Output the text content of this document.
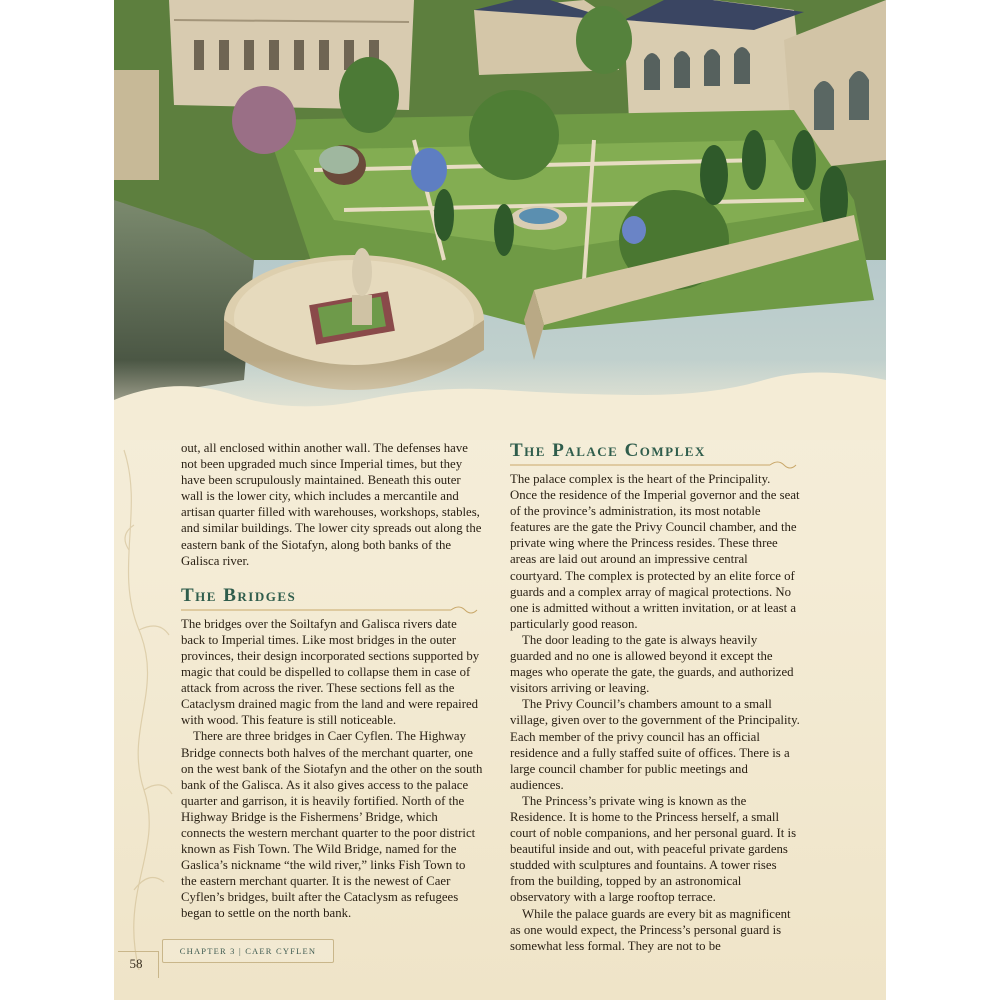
out, all enclosed within another wall. The defenses have not been upgraded much since Imperial times, but they have been scrupulously maintained. Beneath this outer wall is the lower city, which includes a mercantile and artisan quarter filled with warehouses, workshops, stables, and similar buildings. The lower city spreads out along the eastern bank of the Siotafyn, along both banks of the Galisca river.

The Bridges

The bridges over the Soiltafyn and Galisca rivers date back to Imperial times. Like most bridges in the outer provinces, their design incorporated sections supported by magic that could be dispelled to collapse them in case of attack from across the river. These sections fell as the Cataclysm drained magic from the land and were repaired with wood. This feature is still noticeable.

There are three bridges in Caer Cyflen. The Highway Bridge connects both halves of the merchant quarter, one on the west bank of the Siotafyn and the other on the south bank of the Galisca. As it also gives access to the palace quarter and garrison, it is heavily fortified. North of the Highway Bridge is the Fishermens’ Bridge, which connects the western merchant quarter to the poor district known as Fish Town. The Wild Bridge, named for the Gaslica’s nickname “the wild river,” links Fish Town to the eastern merchant quarter. It is the newest of Caer Cyflen’s bridges, built after the Cataclysm as refugees began to settle on the north bank.

The Palace Complex

The palace complex is the heart of the Principality. Once the residence of the Imperial governor and the seat of the province’s administration, its most notable features are the gate the Privy Council chamber, and the private wing where the Princess resides. These three areas are laid out around an impressive central courtyard. The complex is protected by an elite force of guards and a complex array of magical protections. No one is admitted without a written invitation, or at least a particularly good reason.

The door leading to the gate is always heavily guarded and no one is allowed beyond it except the mages who operate the gate, the guards, and authorized visitors arriving or leaving.

The Privy Council’s chambers amount to a small village, given over to the government of the Principality. Each member of the privy council has an official residence and a fully staffed suite of offices. There is a large council chamber for public meetings and audiences.

The Princess’s private wing is known as the Residence. It is home to the Princess herself, a small court of noble companions, and her personal guard. It is beautiful inside and out, with peaceful private gardens studded with sculptures and fountains. A tower rises from the building, topped by an astronomical observatory with a large rooftop terrace.

While the palace guards are every bit as magnificent as one would expect, the Princess’s personal guard is somewhat less formal. They are not to be

CHAPTER 3 | CAER CYFLEN
58
